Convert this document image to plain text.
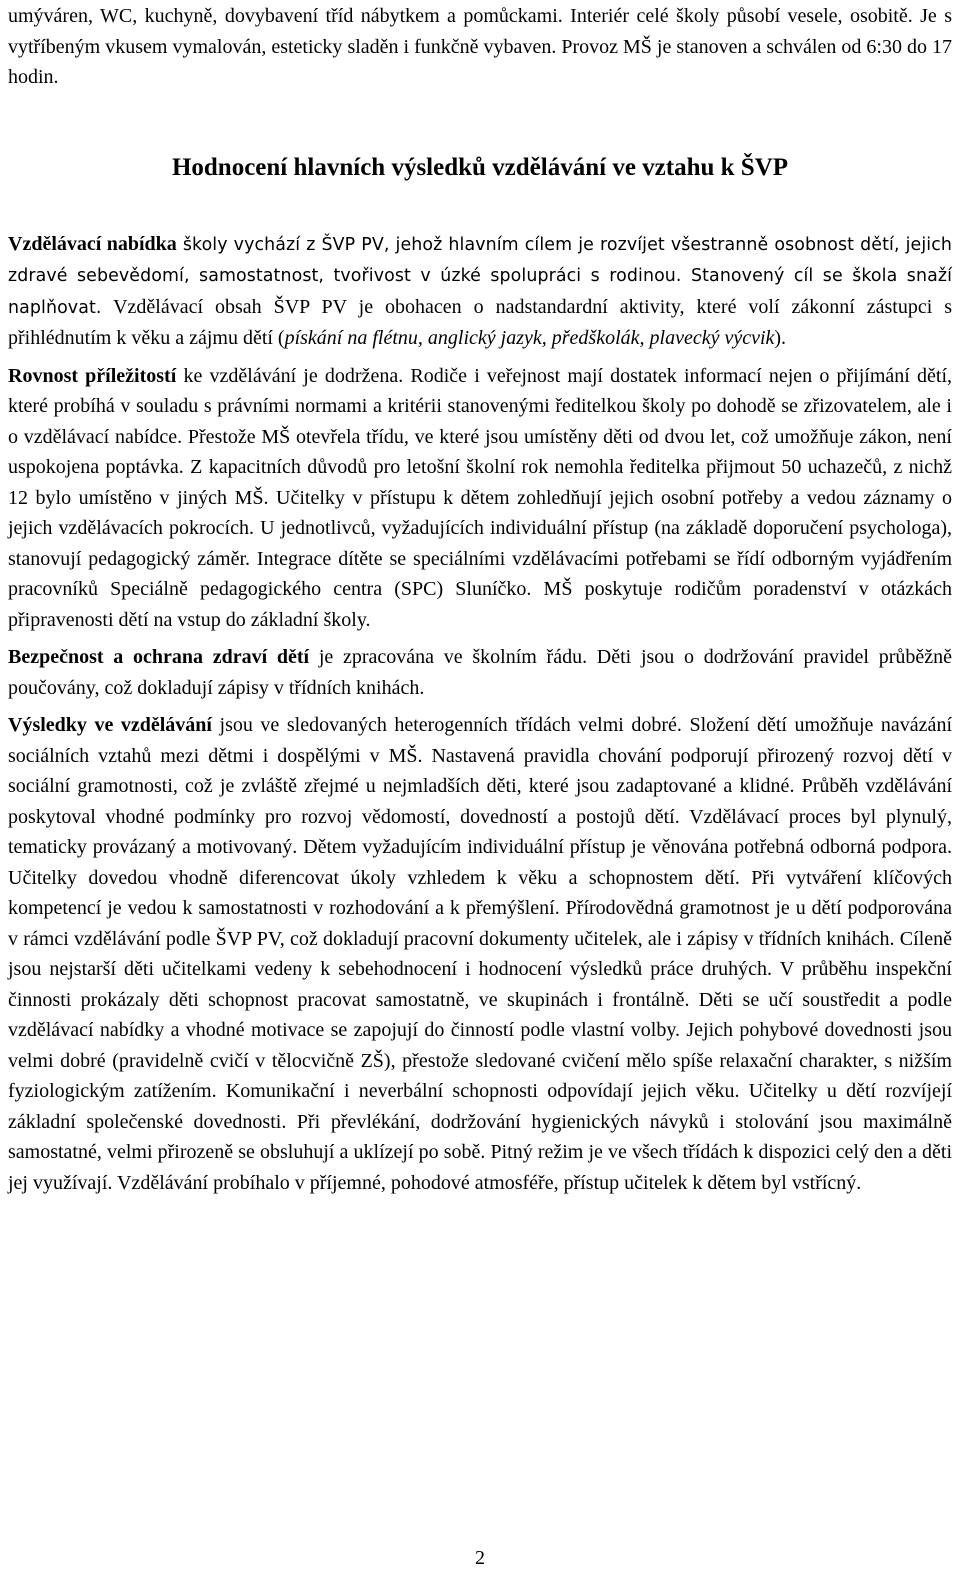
umýváren, WC, kuchyně, dovybavení tříd nábytkem a pomůckami. Interiér celé školy působí vesele, osobitě. Je s vytříbeným vkusem vymalován, esteticky sladěn i funkčně vybaven. Provoz MŠ je stanoven a schválen od 6:30 do 17 hodin.

Hodnocení hlavních výsledků vzdělávání ve vztahu k ŠVP

Vzdělávací nabídka školy vychází z ŠVP PV, jehož hlavním cílem je rozvíjet všestranně osobnost dětí, jejich zdravé sebevědomí, samostatnost, tvořivost v úzké spolupráci s rodinou. Stanovený cíl se škola snaží naplňovat. Vzdělávací obsah ŠVP PV je obohacen o nadstandardní aktivity, které volí zákonní zástupci s přihlédnutím k věku a zájmu dětí (pískání na flétnu, anglický jazyk, předškolák, plavecký výcvik).

Rovnost příležitostí ke vzdělávání je dodržena. Rodiče i veřejnost mají dostatek informací nejen o přijímání dětí, které probíhá v souladu s právními normami a kritérii stanovenými ředitelkou školy po dohodě se zřizovatelem, ale i o vzdělávací nabídce. Přestože MŠ otevřela třídu, ve které jsou umístěny děti od dvou let, což umožňuje zákon, není uspokojena poptávka. Z kapacitních důvodů pro letošní školní rok nemohla ředitelka přijmout 50 uchazečů, z nichž 12 bylo umístěno v jiných MŠ. Učitelky v přístupu k dětem zohledňují jejich osobní potřeby a vedou záznamy o jejich vzdělávacích pokrocích. U jednotlivců, vyžadujících individuální přístup (na základě doporučení psychologa), stanovují pedagogický záměr. Integrace dítěte se speciálními vzdělávacími potřebami se řídí odborným vyjádřením pracovníků Speciálně pedagogického centra (SPC) Sluníčko. MŠ poskytuje rodičům poradenství v otázkách připravenosti dětí na vstup do základní školy.

Bezpečnost a ochrana zdraví dětí je zpracována ve školním řádu. Děti jsou o dodržování pravidel průběžně poučovány, což dokladují zápisy v třídních knihách.

Výsledky ve vzdělávání jsou ve sledovaných heterogenních třídách velmi dobré. Složení dětí umožňuje navázání sociálních vztahů mezi dětmi i dospělými v MŠ. Nastavená pravidla chování podporují přirozený rozvoj dětí v sociální gramotnosti, což je zvláště zřejmé u nejmladších děti, které jsou zadaptované a klidné. Průběh vzdělávání poskytoval vhodné podmínky pro rozvoj vědomostí, dovedností a postojů dětí. Vzdělávací proces byl plynulý, tematicky provázaný a motivovaný. Dětem vyžadujícím individuální přístup je věnována potřebná odborná podpora. Učitelky dovedou vhodně diferencovat úkoly vzhledem k věku a schopnostem dětí. Při vytváření klíčových kompetencí je vedou k samostatnosti v rozhodování a k přemýšlení. Přírodovědná gramotnost je u dětí podporována v rámci vzdělávání podle ŠVP PV, což dokladují pracovní dokumenty učitelek, ale i zápisy v třídních knihách. Cíleně jsou nejstarší děti učitelkami vedeny k sebehodnocení i hodnocení výsledků práce druhých. V průběhu inspekční činnosti prokázaly děti schopnost pracovat samostatně, ve skupinách i frontálně. Děti se učí soustředit a podle vzdělávací nabídky a vhodné motivace se zapojují do činností podle vlastní volby. Jejich pohybové dovednosti jsou velmi dobré (pravidelně cvičí v tělocvičně ZŠ), přestože sledované cvičení mělo spíše relaxační charakter, s nižším fyziologickým zatížením. Komunikační i neverbální schopnosti odpovídají jejich věku. Učitelky u dětí rozvíjejí základní společenské dovednosti. Při převlékání, dodržování hygienických návyků i stolování jsou maximálně samostatné, velmi přirozeně se obsluhují a uklízejí po sobě. Pitný režim je ve všech třídách k dispozici celý den a děti jej využívají. Vzdělávání probíhalo v příjemné, pohodové atmosféře, přístup učitelek k dětem byl vstřícný.

2
